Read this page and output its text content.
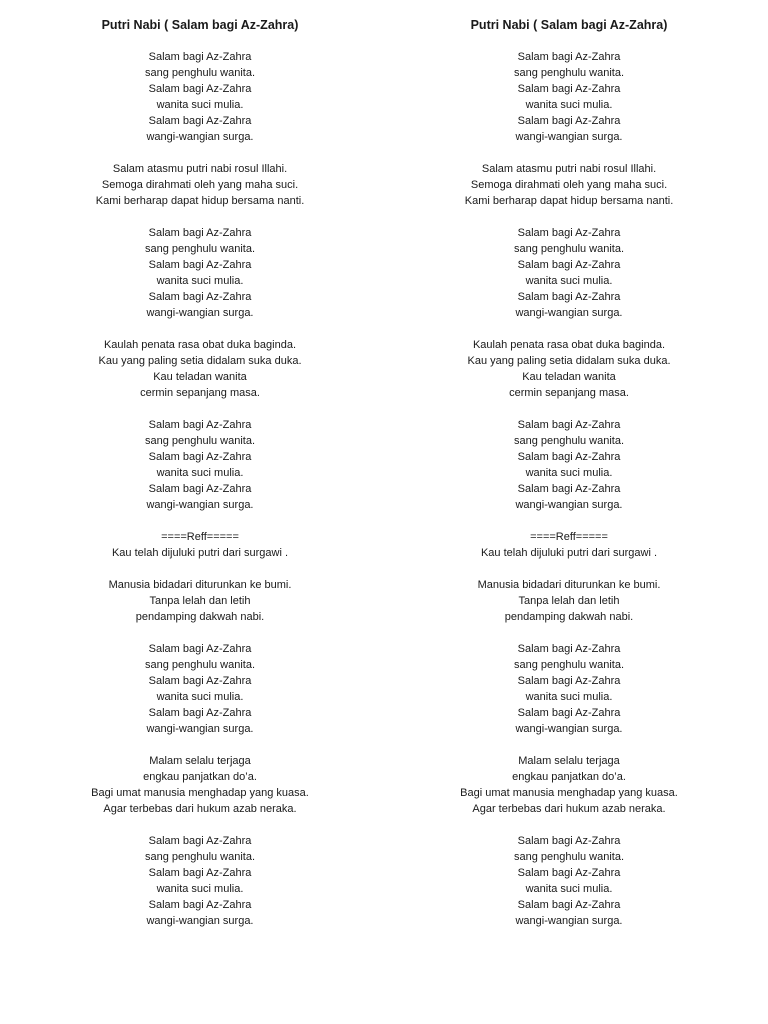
Putri Nabi ( Salam bagi Az-Zahra)
Salam bagi Az-Zahra
sang penghulu wanita.
Salam bagi Az-Zahra
wanita suci mulia.
Salam bagi Az-Zahra
wangi-wangian surga.
Salam atasmu putri nabi rosul Illahi.
Semoga dirahmati oleh yang maha suci.
Kami berharap dapat hidup bersama nanti.
Salam bagi Az-Zahra
sang penghulu wanita.
Salam bagi Az-Zahra
wanita suci mulia.
Salam bagi Az-Zahra
wangi-wangian surga.
Kaulah penata rasa obat duka baginda.
Kau yang paling setia didalam suka duka.
Kau teladan wanita
cermin sepanjang masa.
Salam bagi Az-Zahra
sang penghulu wanita.
Salam bagi Az-Zahra
wanita suci mulia.
Salam bagi Az-Zahra
wangi-wangian surga.
====Reff=====
Kau telah dijuluki putri dari surgawi .
Manusia bidadari diturunkan ke bumi.
Tanpa lelah dan letih
pendamping dakwah nabi.
Salam bagi Az-Zahra
sang penghulu wanita.
Salam bagi Az-Zahra
wanita suci mulia.
Salam bagi Az-Zahra
wangi-wangian surga.
Malam selalu terjaga
engkau panjatkan do’a.
Bagi umat manusia menghadap yang kuasa.
Agar terbebas dari hukum azab neraka.
Salam bagi Az-Zahra
sang penghulu wanita.
Salam bagi Az-Zahra
wanita suci mulia.
Salam bagi Az-Zahra
wangi-wangian surga.
Putri Nabi ( Salam bagi Az-Zahra)
Salam bagi Az-Zahra
sang penghulu wanita.
Salam bagi Az-Zahra
wanita suci mulia.
Salam bagi Az-Zahra
wangi-wangian surga.
Salam atasmu putri nabi rosul Illahi.
Semoga dirahmati oleh yang maha suci.
Kami berharap dapat hidup bersama nanti.
Salam bagi Az-Zahra
sang penghulu wanita.
Salam bagi Az-Zahra
wanita suci mulia.
Salam bagi Az-Zahra
wangi-wangian surga.
Kaulah penata rasa obat duka baginda.
Kau yang paling setia didalam suka duka.
Kau teladan wanita
cermin sepanjang masa.
Salam bagi Az-Zahra
sang penghulu wanita.
Salam bagi Az-Zahra
wanita suci mulia.
Salam bagi Az-Zahra
wangi-wangian surga.
====Reff=====
Kau telah dijuluki putri dari surgawi .
Manusia bidadari diturunkan ke bumi.
Tanpa lelah dan letih
pendamping dakwah nabi.
Salam bagi Az-Zahra
sang penghulu wanita.
Salam bagi Az-Zahra
wanita suci mulia.
Salam bagi Az-Zahra
wangi-wangian surga.
Malam selalu terjaga
engkau panjatkan do’a.
Bagi umat manusia menghadap yang kuasa.
Agar terbebas dari hukum azab neraka.
Salam bagi Az-Zahra
sang penghulu wanita.
Salam bagi Az-Zahra
wanita suci mulia.
Salam bagi Az-Zahra
wangi-wangian surga.
